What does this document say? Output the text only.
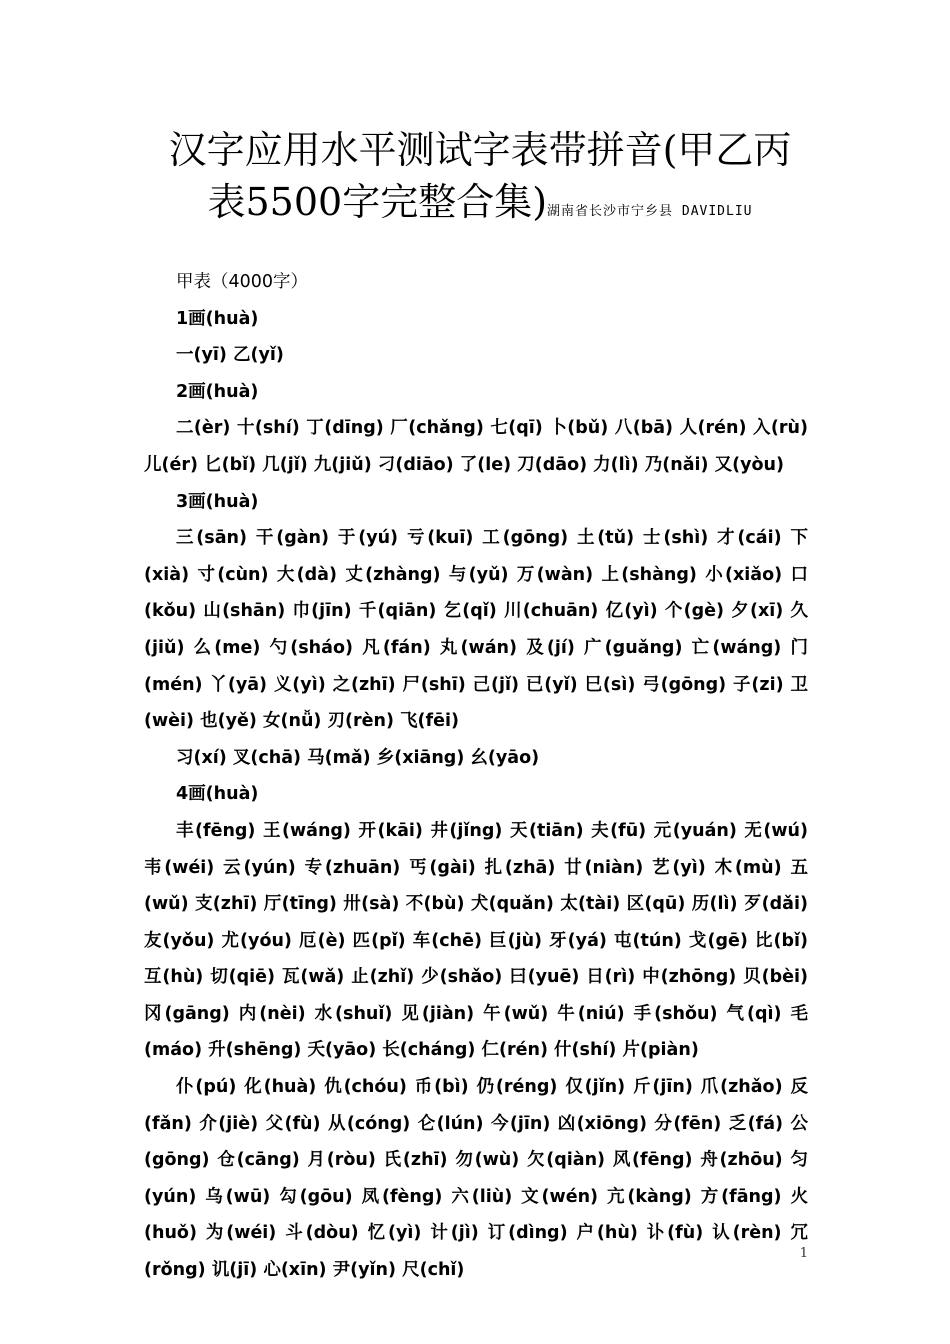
汉字应用水平测试字表带拼音(甲乙丙
表5500字完整合集)湖南省长沙市宁乡县 DAVIDLIU

甲表（4000字）

1画(huà)

一(yī) 乙(yǐ)

2画(huà)

二(èr) 十(shí) 丁(dīng) 厂(chǎng) 七(qī) 卜(bǔ) 八(bā) 人(rén) 入(rù) 儿(ér) 匕(bǐ) 几(jǐ) 九(jiǔ) 刁(diāo) 了(le) 刀(dāo) 力(lì) 乃(nǎi) 又(yòu)

3画(huà)

三(sān) 干(gàn) 于(yú) 亏(kuī) 工(gōng) 土(tǔ) 士(shì) 才(cái) 下(xià) 寸(cùn) 大(dà) 丈(zhàng) 与(yǔ) 万(wàn) 上(shàng) 小(xiǎo) 口(kǒu) 山(shān) 巾(jīn) 千(qiān) 乞(qǐ) 川(chuān) 亿(yì) 个(gè) 夕(xī) 久(jiǔ) 么(me) 勺(sháo) 凡(fán) 丸(wán) 及(jí) 广(guǎng) 亡(wáng) 门(mén) 丫(yā) 义(yì) 之(zhī) 尸(shī) 己(jǐ) 已(yǐ) 巳(sì) 弓(gōng) 子(zi) 卫(wèi) 也(yě) 女(nǚ) 刃(rèn) 飞(fēi)

习(xí) 叉(chā) 马(mǎ) 乡(xiāng) 幺(yāo)

4画(huà)

丰(fēng) 王(wáng) 开(kāi) 井(jǐng) 天(tiān) 夫(fū) 元(yuán) 无(wú) 韦(wéi) 云(yún) 专(zhuān) 丐(gài) 扎(zhā) 廿(niàn) 艺(yì) 木(mù) 五(wǔ) 支(zhī) 厅(tīng) 卅(sà) 不(bù) 犬(quǎn) 太(tài) 区(qū) 历(lì) 歹(dǎi) 友(yǒu) 尤(yóu) 厄(è) 匹(pǐ) 车(chē) 巨(jù) 牙(yá) 屯(tún) 戈(gē) 比(bǐ) 互(hù) 切(qiē) 瓦(wǎ) 止(zhǐ) 少(shǎo) 曰(yuē) 日(rì) 中(zhōng) 贝(bèi) 冈(gāng) 内(nèi) 水(shuǐ) 见(jiàn) 午(wǔ) 牛(niú) 手(shǒu) 气(qì) 毛(máo) 升(shēng) 夭(yāo) 长(cháng) 仁(rén) 什(shí) 片(piàn)

仆(pú) 化(huà) 仇(chóu) 币(bì) 仍(réng) 仅(jǐn) 斤(jīn) 爪(zhǎo) 反(fǎn) 介(jiè) 父(fù) 从(cóng) 仑(lún) 今(jīn) 凶(xiōng) 分(fēn) 乏(fá) 公(gōng) 仓(cāng) 月(ròu) 氏(zhī) 勿(wù) 欠(qiàn) 风(fēng) 舟(zhōu) 匀(yún) 乌(wū) 勾(gōu) 凤(fèng) 六(liù) 文(wén) 亢(kàng) 方(fāng) 火(huǒ) 为(wéi) 斗(dòu) 忆(yì) 计(jì) 订(dìng) 户(hù) 讣(fù) 认(rèn) 冗(rǒng) 讥(jī) 心(xīn) 尹(yǐn) 尺(chǐ)

1
